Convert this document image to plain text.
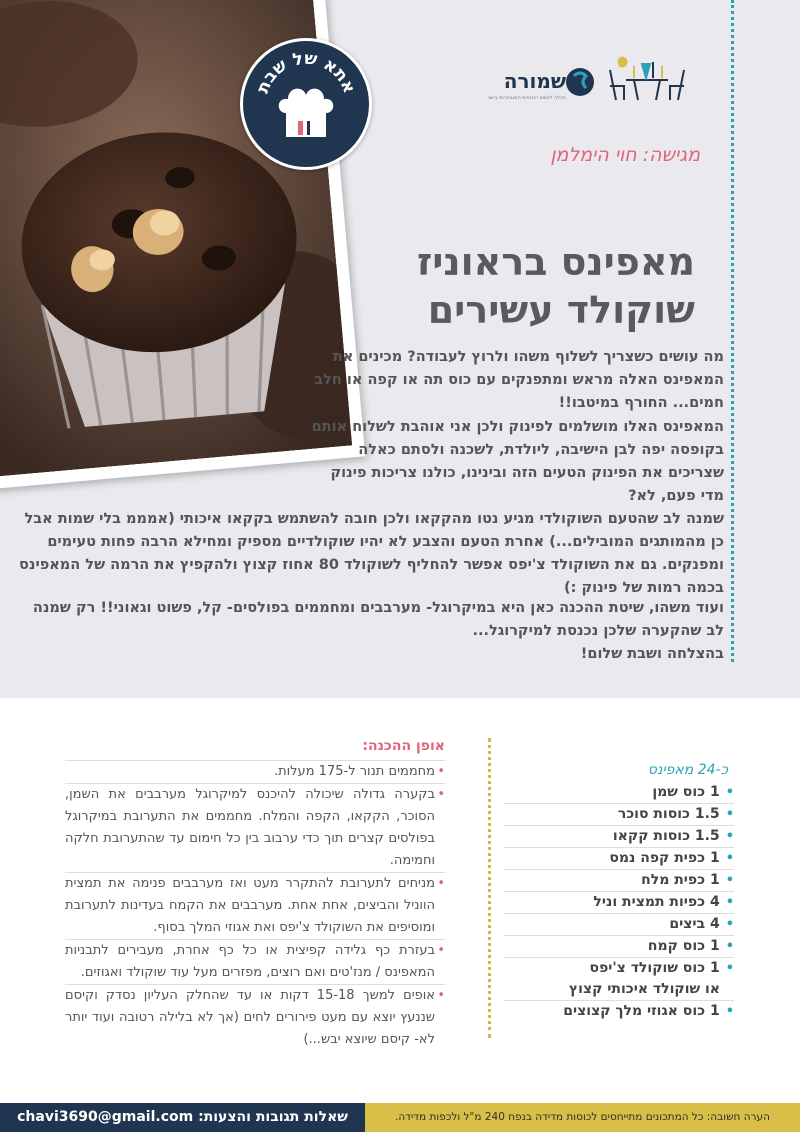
אתא של שבת	שמורה
הכלה לנשים החנויות המובחרות בישראל
מגישה: חוי הימלמן
מאפינס בראוניז
שוקולד עשירים

מה עושים כשצריך לשלוף משהו ולרוץ לעבודה? מכינים את המאפינס האלה מראש ומתפנקים עם כוס תה או קפה או חלב חמים... החורף במיטבו!!

המאפינס האלו מושלמים לפינוק ולכן אני אוהבת לשלוח אותם בקופסה יפה לבן הישיבה, ליולדת, לשכנה ולסתם כאלה שצריכים את הפינוק הטעים הזה ובינינו, כולנו צריכות פינוק מדי פעם, לא?

שמנה לב שהטעם השוקולדי מגיע נטו מהקקאו ולכן חובה להשתמש בקקאו איכותי (אמממ בלי שמות אבל כן מהמותגים המובילים...) אחרת הטעם והצבע לא יהיו שוקולדיים מספיק ומחילא הרבה פחות טעימים ומפנקים. גם את השוקולד צ'יפס אפשר להחליף לשוקולד 80 אחוז קצוץ ולהקפיץ את הרמה של המאפינס בכמה רמות של פינוק :)

ועוד משהו, שיטת ההכנה כאן היא במיקרוגל- מערבבים ומחממים בפולסים- קל, פשוט וגאוני!! רק שמנה לב שהקערה שלכן נכנסת למיקרוגל...

בהצלחה ושבת שלום!

כ-24 מאפינס
•
1 כוס שמן
•
1.5 כוסות סוכר
•
1.5 כוסות קקאו
•
1 כפית קפה נמס
•
1 כפית מלח
•
4 כפיות תמצית וניל
•
4 ביצים
•
1 כוס קמח
•
1 כוס שוקולד צ'יפס
או שוקולד איכותי קצוץ
•
1 כוס אגוזי מלך קצוצים
אופן ההכנה:
• מחממים תנור ל-175 מעלות.
• בקערה גדולה שיכולה להיכנס למיקרוגל מערבבים את השמן, הסוכר, הקקאו, הקפה והמלח. מחממים את התערובת במיקרוגל בפולסים קצרים תוך כדי ערבוב בין כל חימום עד שהתערובת חלקה וחמימה.
• מניחים לתערובת להתקרר מעט ואז מערבבים פנימה את תמצית הווניל והביצים, אחת אחת. מערבבים את הקמח בעדינות לתערובת ומוסיפים את השוקולד צ'יפס ואת אגוזי המלך בסוף.
• בעזרת כף גלידה קפיצית או כל כף אחרת, מעבירים לתבניות המאפינס / מנז'טים ואם רוצים, מפזרים מעל עוד שוקולד ואגוזים.
• אופים למשך 15-18 דקות או עד שהחלק העליון נסדק וקיסם שננעץ יוצא עם מעט פירורים לחים (אך לא בלילה רטובה ועוד יותר לא- קיסם שיוצא יבש...)
שאלות תגובות והצעות: chavi3690@gmail.com	הערה חשובה: כל המתכונים מתייחסים לכוסות מדידה בנפח 240 מ"ל ולכפות מדידה.
